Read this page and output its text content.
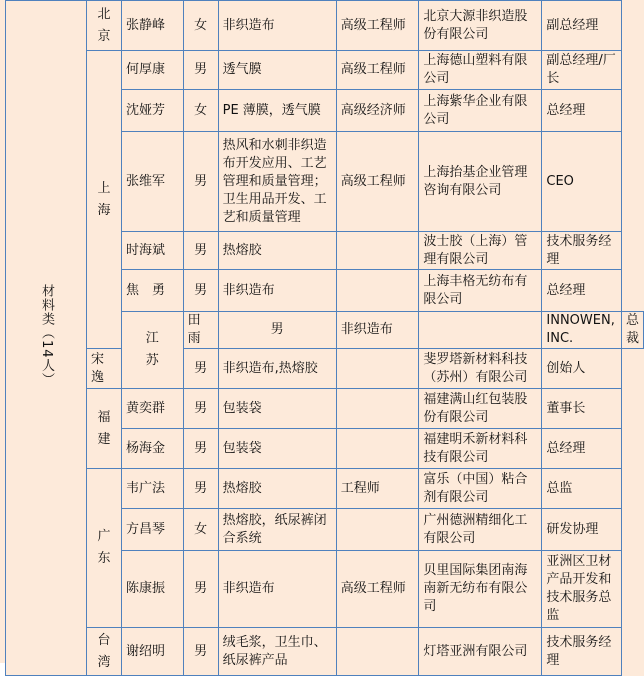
材料类（14人）	北京	张静峰	女	非织造布	高级工程师	北京大源非织造股份有限公司	副总经理	
	上海	何厚康	男	透气膜	高级工程师	上海德山塑料有限公司	副总经理/厂长	
		沈娅芳	女	PE 薄膜，透气膜	高级经济师	上海紫华企业有限公司	总经理	
		张维军	男	热风和水刺非织造布开发应用、工艺管理和质量管理；卫生用品开发、工艺和质量管理	高级工程师	上海抬基企业管理咨询有限公司	CEO	
		时海斌	男	热熔胶		波士胶（上海）管理有限公司	技术服务经理	
		焦　勇	男	非织造布		上海丰格无纺布有限公司	总经理	
		江苏	田　雨	男	非织造布		INNOWEN, INC.	总裁
	宋　逸		男	非织造布,热熔胶		斐罗塔新材料科技（苏州）有限公司	创始人	
	福建	黄奕群	男	包装袋		福建满山红包装股份有限公司	董事长	
		杨海金	男	包装袋		福建明禾新材料科技有限公司	总经理	
	广东	韦广法	男	热熔胶	工程师	富乐（中国）粘合剂有限公司	总监	
		方昌琴	女	热熔胶，纸尿裤闭合系统		广州德洲精细化工有限公司	研发协理	
		陈康振	男	非织造布	高级工程师	贝里国际集团南海南新无纺布有限公司	亚洲区卫材产品开发和技术服务总监	
	台湾	谢绍明	男	绒毛浆，卫生巾、纸尿裤产品		灯塔亚洲有限公司	技术服务经理	
